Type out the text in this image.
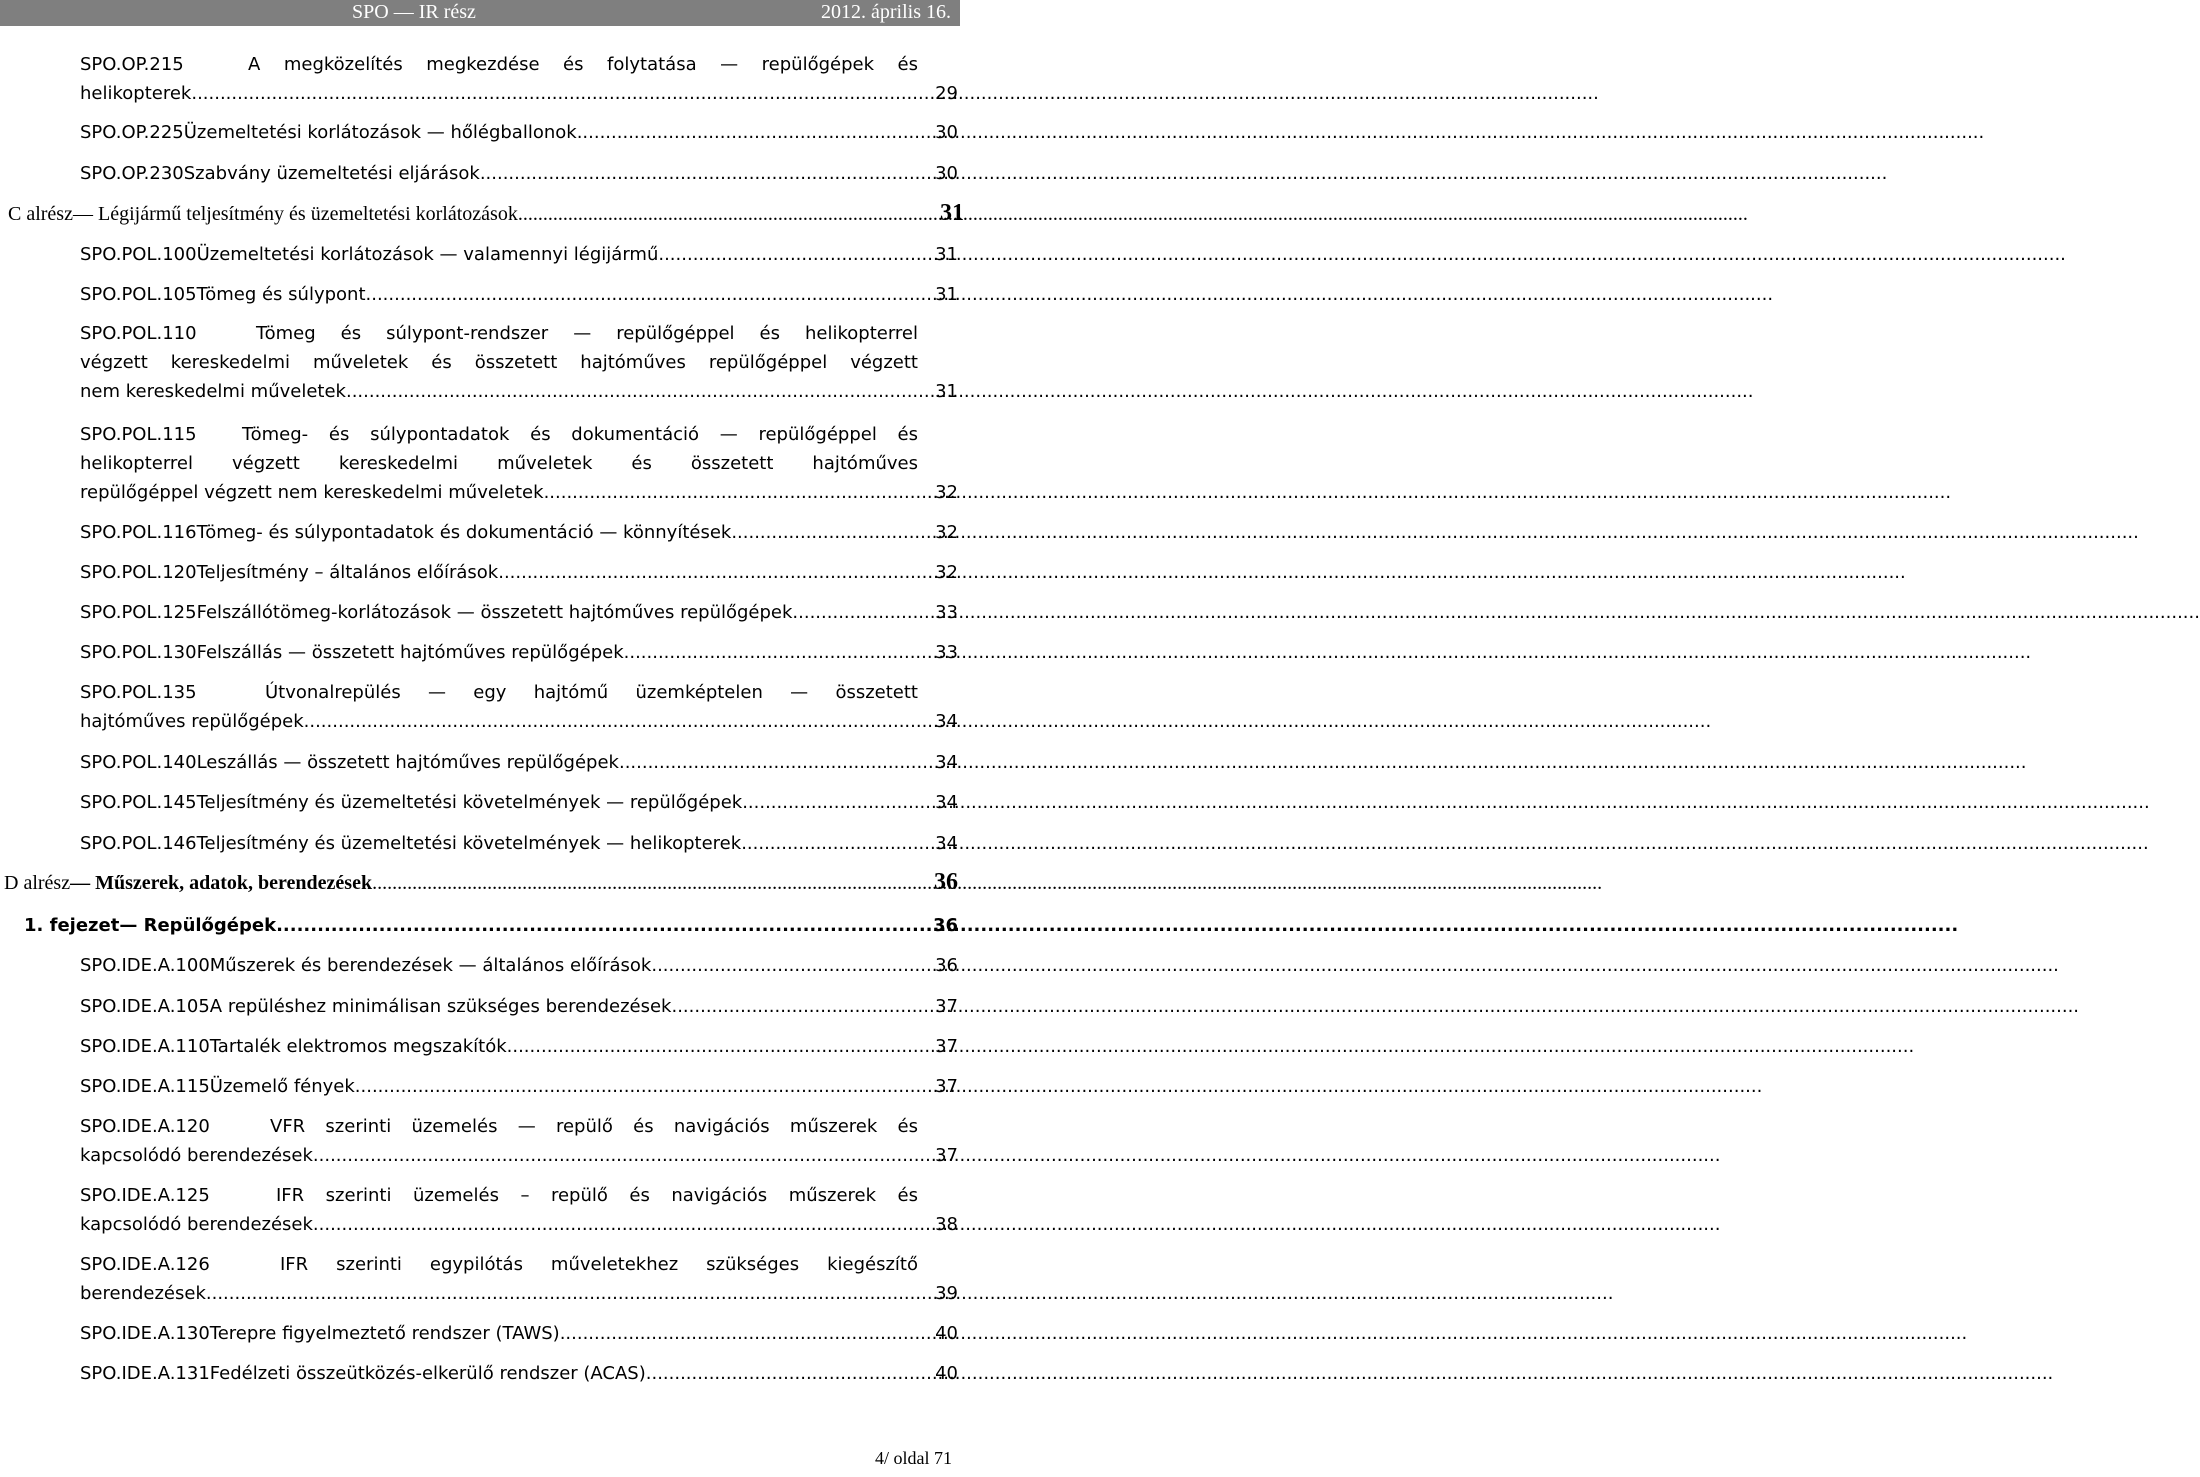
SPO — IR rész	2012. április 16.
SPO.OP.215	A megközelítés megkezdése és folytatása — repülőgépek és
helikopterek .....	29
SPO.OP.225 Üzemeltetési korlátozások — hőlégballonok .....	30
SPO.OP.230 Szabvány üzemeltetési eljárások .....	30
C alrész — Légijármű teljesítmény és üzemeltetési korlátozások .....	31
SPO.POL.100 Üzemeltetési korlátozások — valamennyi légijármű .....	31
SPO.POL.105 Tömeg és súlypont .....	31
SPO.POL.110	Tömeg és súlypont-rendszer — repülőgéppel és helikopterrel
végzett kereskedelmi műveletek és összetett hajtóműves repülőgéppel végzett
nem kereskedelmi műveletek .....	31
SPO.POL.115	Tömeg- és súlypontadatok és dokumentáció — repülőgéppel és
helikopterrel végzett kereskedelmi műveletek és összetett hajtóműves
repülőgéppel végzett nem kereskedelmi műveletek .....	32
SPO.POL.116 Tömeg- és súlypontadatok és dokumentáció — könnyítések .....	32
SPO.POL.120 Teljesítmény – általános előírások .....	32
SPO.POL.125 Felszállótömeg-korlátozások — összetett hajtóműves repülőgépek .....	33
SPO.POL.130 Felszállás — összetett hajtóműves repülőgépek .....	33
SPO.POL.135	Útvonalrepülés — egy hajtómű üzemképtelen — összetett
hajtóműves repülőgépek .....	34
SPO.POL.140 Leszállás — összetett hajtóműves repülőgépek .....	34
SPO.POL.145 Teljesítmény és üzemeltetési követelmények — repülőgépek .....	34
SPO.POL.146 Teljesítmény és üzemeltetési követelmények — helikopterek .....	34
D alrész — Műszerek, adatok, berendezések .....	36
1. fejezet — Repülőgépek .....	36
SPO.IDE.A.100 Műszerek és berendezések — általános előírások .....	36
SPO.IDE.A.105 A repüléshez minimálisan szükséges berendezések .....	37
SPO.IDE.A.110 Tartalék elektromos megszakítók .....	37
SPO.IDE.A.115 Üzemelő fények .....	37
SPO.IDE.A.120	VFR szerinti üzemelés — repülő és navigációs műszerek és
kapcsolódó berendezések .....	37
SPO.IDE.A.125	IFR szerinti üzemelés – repülő és navigációs műszerek és
kapcsolódó berendezések .....	38
SPO.IDE.A.126	IFR szerinti egypilótás műveletekhez szükséges kiegészítő
berendezések .....	39
SPO.IDE.A.130 Terepre figyelmeztető rendszer (TAWS) .....	40
SPO.IDE.A.131 Fedélzeti összeütközés-elkerülő rendszer (ACAS) .....	40
4/ oldal 71
